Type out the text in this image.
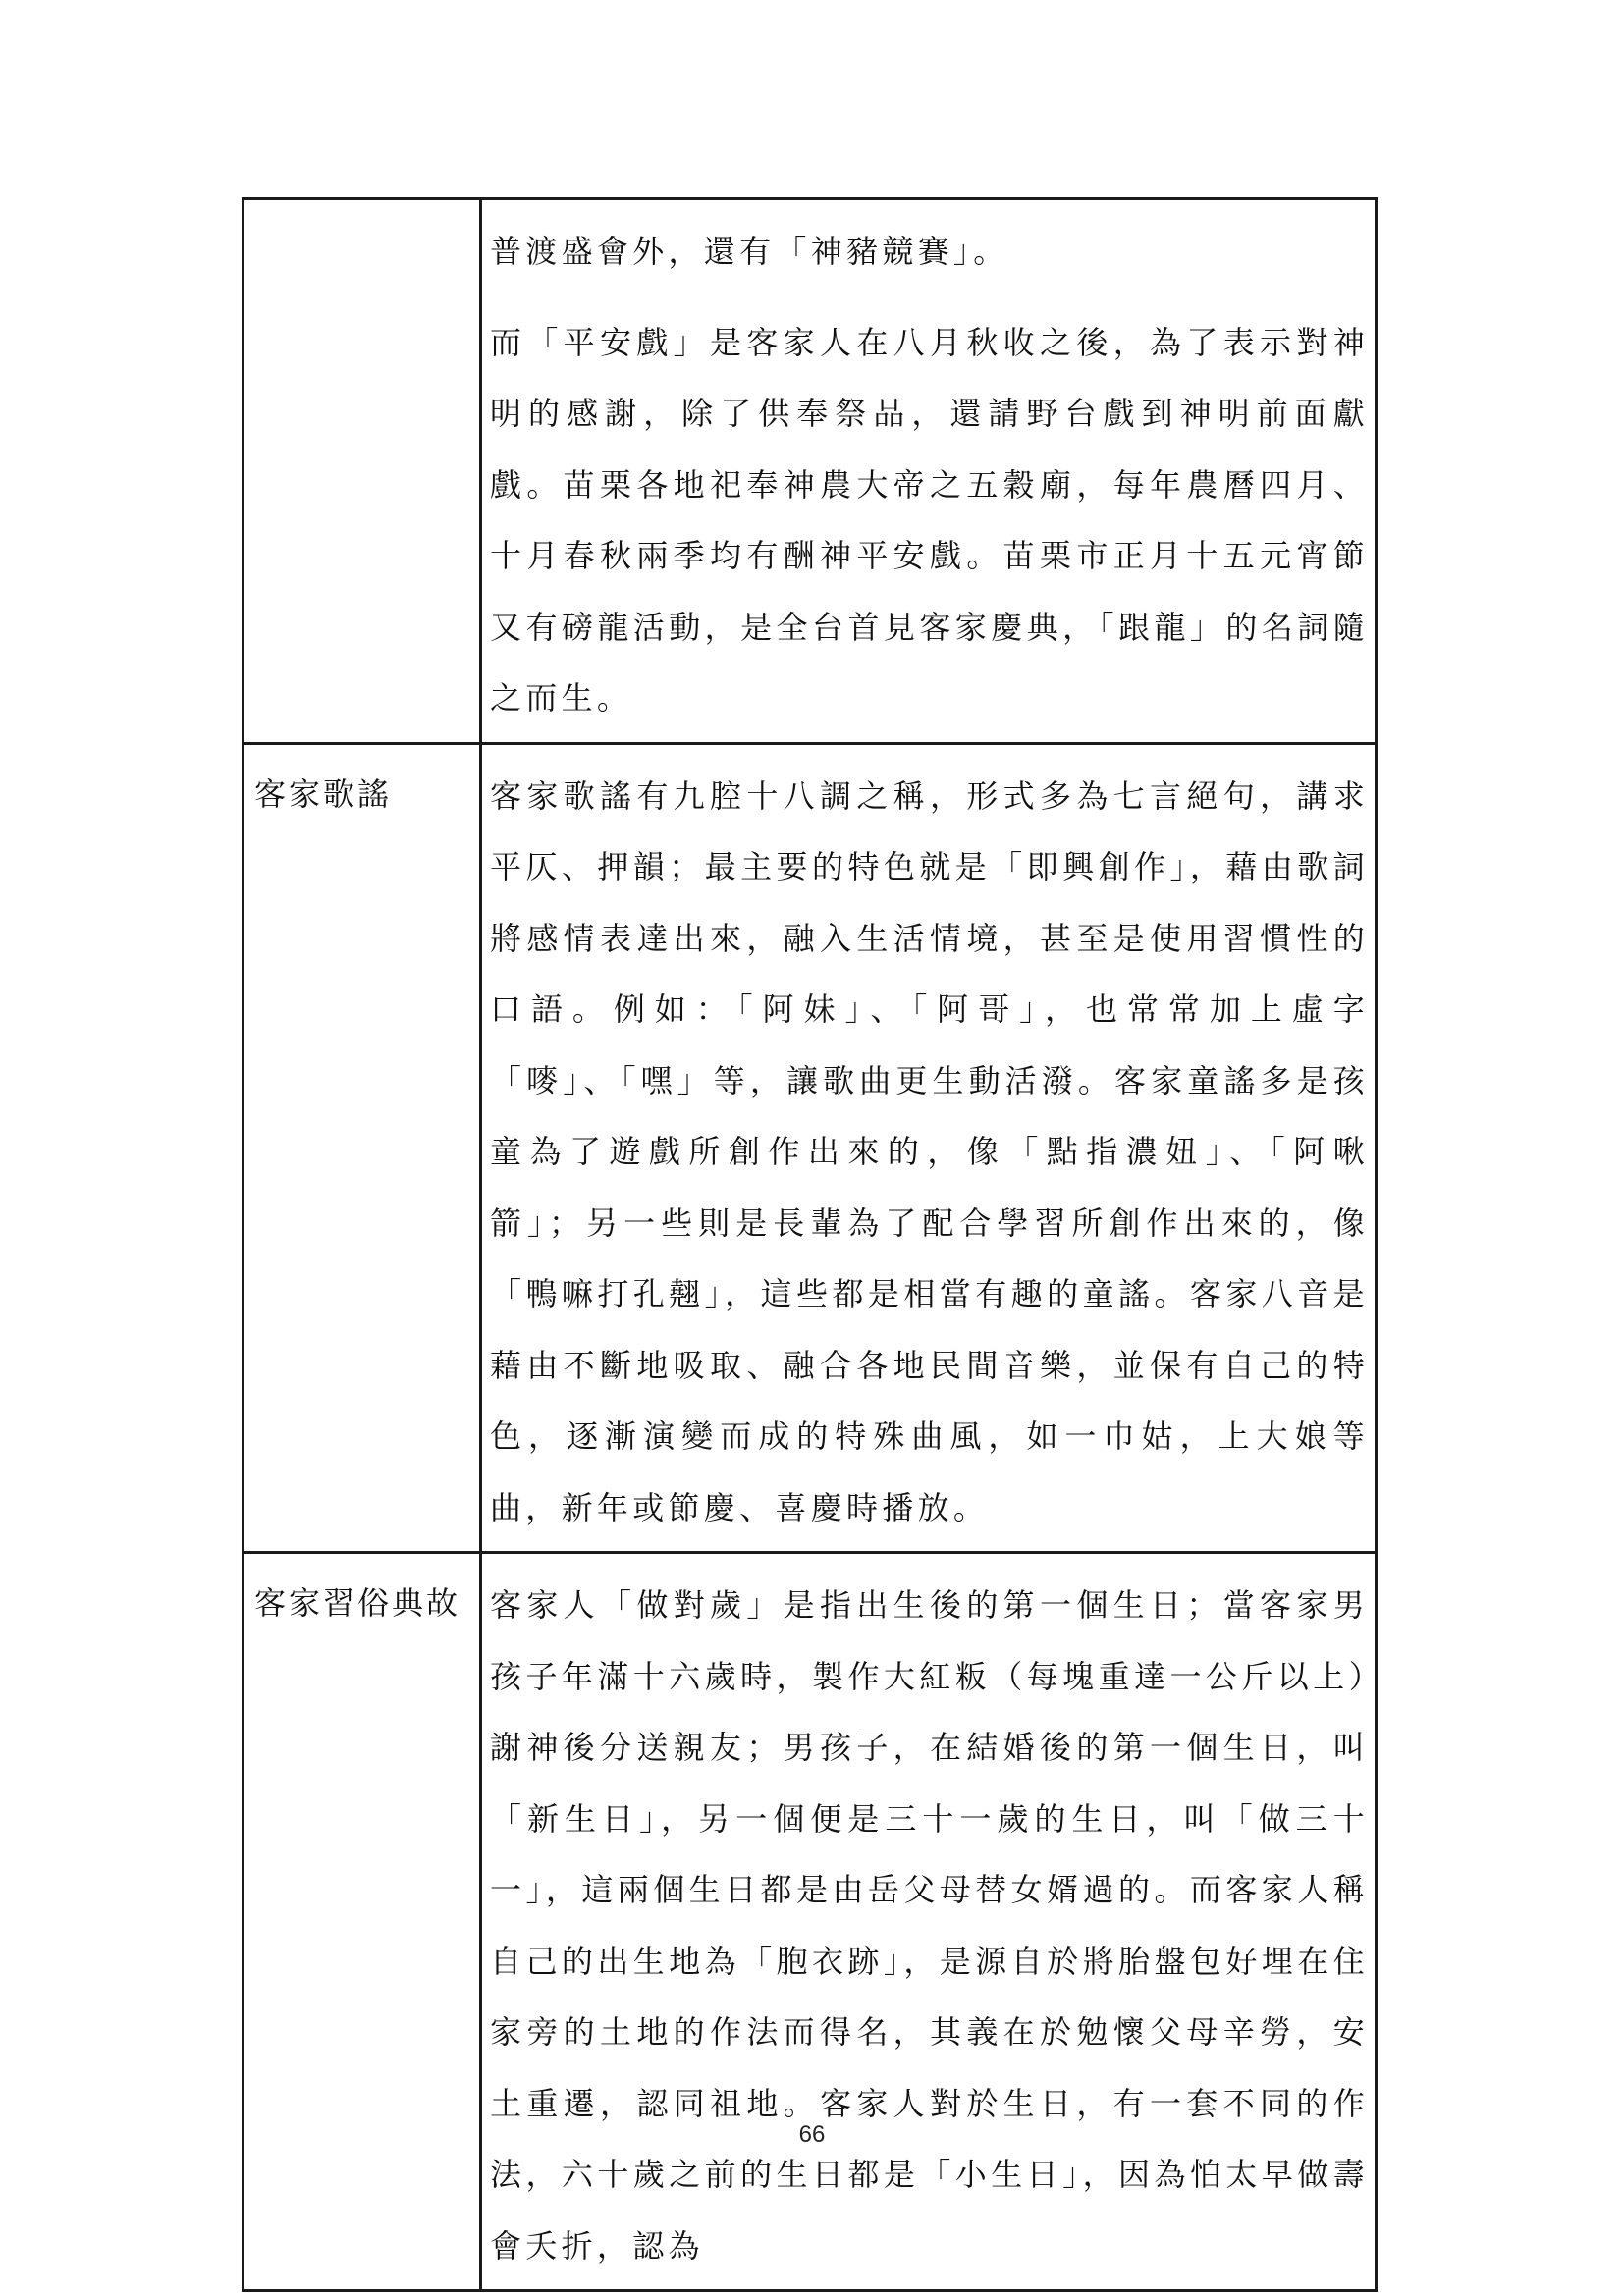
	普渡盛會外，還有「神豬競賽」。

而「平安戲」是客家人在八月秋收之後，為了表示對神明的感謝，除了供奉祭品，還請野台戲到神明前面獻戲。苗栗各地祀奉神農大帝之五穀廟，每年農曆四月、十月春秋兩季均有酬神平安戲。苗栗市正月十五元宵節又有磅龍活動，是全台首見客家慶典，「跟龍」的名詞隨之而生。

客家歌謠	客家歌謠有九腔十八調之稱，形式多為七言絕句，講求平仄、押韻；最主要的特色就是「即興創作」，藉由歌詞將感情表達出來，融入生活情境，甚至是使用習慣性的口語。例如：「阿妹」、「阿哥」，也常常加上虛字「嘜」、「嘿」等，讓歌曲更生動活潑。客家童謠多是孩童為了遊戲所創作出來的，像「點指濃妞」、「阿啾箭」；另一些則是長輩為了配合學習所創作出來的，像「鴨嘛打孔翹」，這些都是相當有趣的童謠。客家八音是藉由不斷地吸取、融合各地民間音樂，並保有自己的特色，逐漸演變而成的特殊曲風，如一巾姑，上大娘等曲，新年或節慶、喜慶時播放。

客家習俗典故	客家人「做對歲」是指出生後的第一個生日；當客家男孩子年滿十六歲時，製作大紅粄（每塊重達一公斤以上）謝神後分送親友；男孩子，在結婚後的第一個生日，叫「新生日」，另一個便是三十一歲的生日，叫「做三十一」，這兩個生日都是由岳父母替女婿過的。而客家人稱自己的出生地為「胞衣跡」，是源自於將胎盤包好埋在住家旁的土地的作法而得名，其義在於勉懷父母辛勞，安土重遷，認同祖地。客家人對於生日，有一套不同的作法，六十歲之前的生日都是「小生日」，因為怕太早做壽會夭折，認為

66
